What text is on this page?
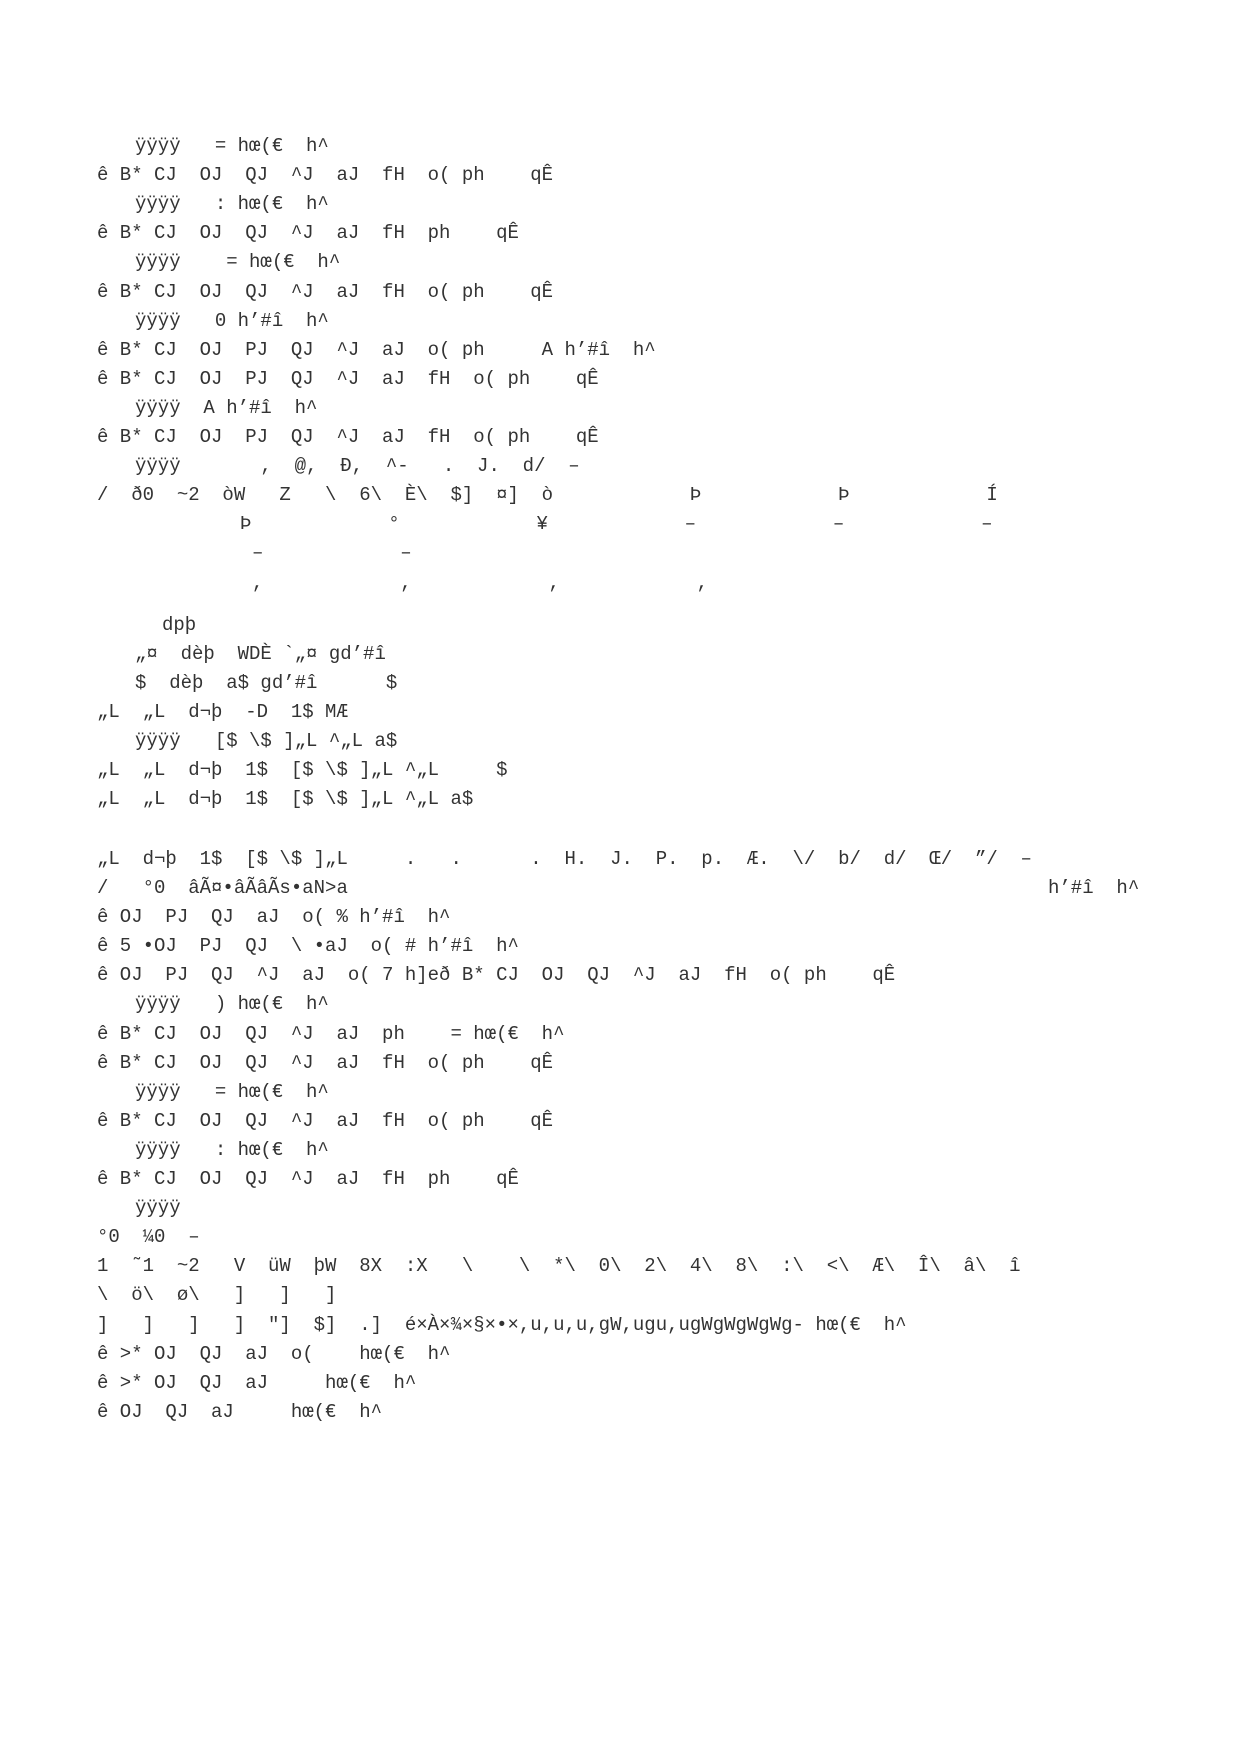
ÿÿÿÿ   = hœ(€  h^
ê B* CJ  OJ  QJ  ^J  aJ  fH  o( ph    qÊ
ÿÿÿÿ   : hœ(€  h^
ê B* CJ  OJ  QJ  ^J  aJ  fH  ph    qÊ
ÿÿÿÿ    = hœ(€  h^
ê B* CJ  OJ  QJ  ^J  aJ  fH  o( ph    qÊ
ÿÿÿÿ   0 h’#î  h^
ê B* CJ  OJ  PJ  QJ  ^J  aJ  o( ph     A h’#î  h^
ê B* CJ  OJ  PJ  QJ  ^J  aJ  fH  o( ph    qÊ
ÿÿÿÿ  A h’#î  h^
ê B* CJ  OJ  PJ  QJ  ^J  aJ  fH  o( ph    qÊ
ÿÿÿÿ       ,  @,  Ð,  ^-   .  J.  d/  –
/  ð0  ~2  òW   Z   \  6\  È\  $]  ¤]  ò            Þ            Þ            Í
Þ            °            ¥            –            –            –
–            –
,            ,            ,            ,
dpþ
„¤  dèþ  WDÈ `„¤ gd’#î
$  dèþ  a$ gd’#î      $
„L  „L  d¬þ  -D  1$ MÆ
ÿÿÿÿ   [$ \$ ]„L ^„L a$
„L  „L  d¬þ  1$  [$ \$ ]„L ^„L     $
„L  „L  d¬þ  1$  [$ \$ ]„L ^„L a$
„L  d¬þ  1$  [$ \$ ]„L     .   .      .  H.  J.  P.  p.  Æ.  \/  b/  d/  Œ/  ”/  –
/   °0  âÃ¤•âÃâÃs•aN>a	h’#î  h^
ê OJ  PJ  QJ  aJ  o( % h’#î  h^
ê 5 •OJ  PJ  QJ  \ •aJ  o( # h’#î  h^
ê OJ  PJ  QJ  ^J  aJ  o( 7 h]eð B* CJ  OJ  QJ  ^J  aJ  fH  o( ph    qÊ
ÿÿÿÿ   ) hœ(€  h^
ê B* CJ  OJ  QJ  ^J  aJ  ph    = hœ(€  h^
ê B* CJ  OJ  QJ  ^J  aJ  fH  o( ph    qÊ
ÿÿÿÿ   = hœ(€  h^
ê B* CJ  OJ  QJ  ^J  aJ  fH  o( ph    qÊ
ÿÿÿÿ   : hœ(€  h^
ê B* CJ  OJ  QJ  ^J  aJ  fH  ph    qÊ
ÿÿÿÿ
°0  ¼0  –
1  ˜1  ~2   V  üW  þW  8X  :X   \    \  *\  0\  2\  4\  8\  :\  <\  Æ\  Î\  â\  î
\  ö\  ø\   ]   ]   ]
]   ]   ]   ]  "]  $]  .]  é×À×¾×§×•×,u,u,u,gW,ugu,ugWgWgWgWg- hœ(€  h^
ê >* OJ  QJ  aJ  o(    hœ(€  h^
ê >* OJ  QJ  aJ     hœ(€  h^
ê OJ  QJ  aJ     hœ(€  h^
